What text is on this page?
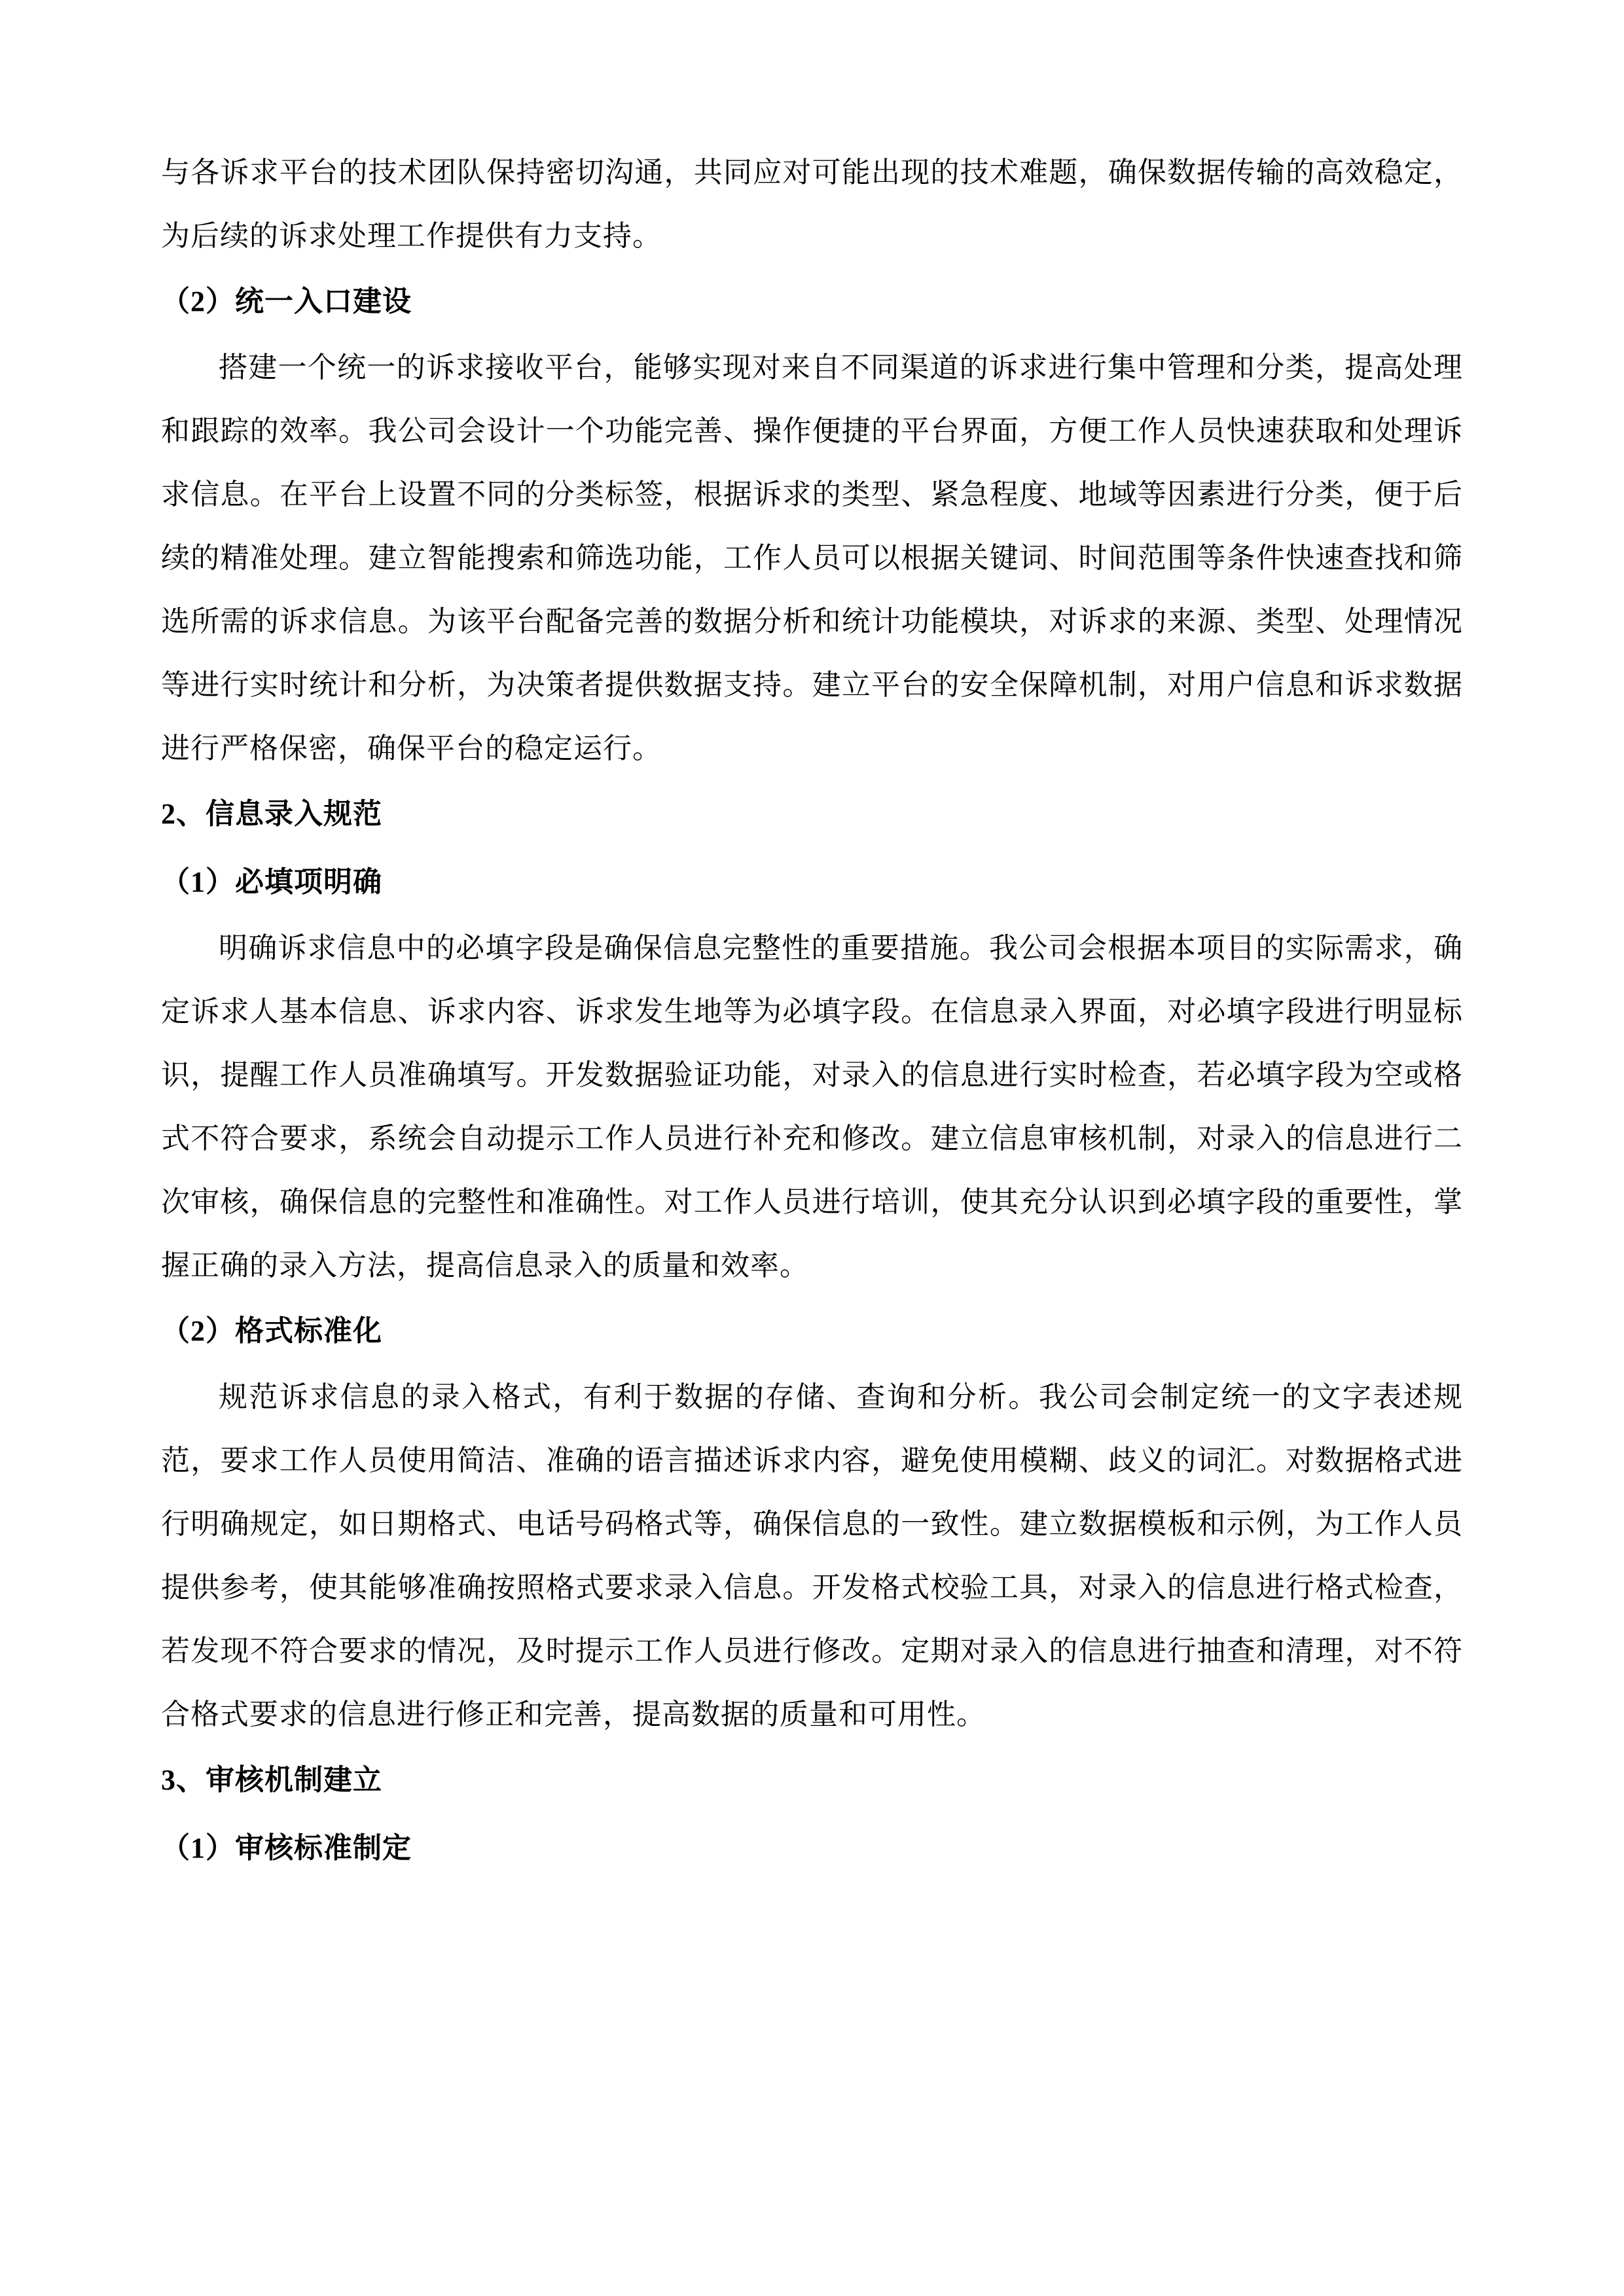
与各诉求平台的技术团队保持密切沟通，共同应对可能出现的技术难题，确保数据传输的高效稳定，为后续的诉求处理工作提供有力支持。

（2）统一入口建设

搭建一个统一的诉求接收平台，能够实现对来自不同渠道的诉求进行集中管理和分类，提高处理和跟踪的效率。我公司会设计一个功能完善、操作便捷的平台界面，方便工作人员快速获取和处理诉求信息。在平台上设置不同的分类标签，根据诉求的类型、紧急程度、地域等因素进行分类，便于后续的精准处理。建立智能搜索和筛选功能，工作人员可以根据关键词、时间范围等条件快速查找和筛选所需的诉求信息。为该平台配备完善的数据分析和统计功能模块，对诉求的来源、类型、处理情况等进行实时统计和分析，为决策者提供数据支持。建立平台的安全保障机制，对用户信息和诉求数据进行严格保密，确保平台的稳定运行。

2、信息录入规范

（1）必填项明确

明确诉求信息中的必填字段是确保信息完整性的重要措施。我公司会根据本项目的实际需求，确定诉求人基本信息、诉求内容、诉求发生地等为必填字段。在信息录入界面，对必填字段进行明显标识，提醒工作人员准确填写。开发数据验证功能，对录入的信息进行实时检查，若必填字段为空或格式不符合要求，系统会自动提示工作人员进行补充和修改。建立信息审核机制，对录入的信息进行二次审核，确保信息的完整性和准确性。对工作人员进行培训，使其充分认识到必填字段的重要性，掌握正确的录入方法，提高信息录入的质量和效率。

（2）格式标准化

规范诉求信息的录入格式，有利于数据的存储、查询和分析。我公司会制定统一的文字表述规范，要求工作人员使用简洁、准确的语言描述诉求内容，避免使用模糊、歧义的词汇。对数据格式进行明确规定，如日期格式、电话号码格式等，确保信息的一致性。建立数据模板和示例，为工作人员提供参考，使其能够准确按照格式要求录入信息。开发格式校验工具，对录入的信息进行格式检查，若发现不符合要求的情况，及时提示工作人员进行修改。定期对录入的信息进行抽查和清理，对不符合格式要求的信息进行修正和完善，提高数据的质量和可用性。

3、审核机制建立

（1）审核标准制定
